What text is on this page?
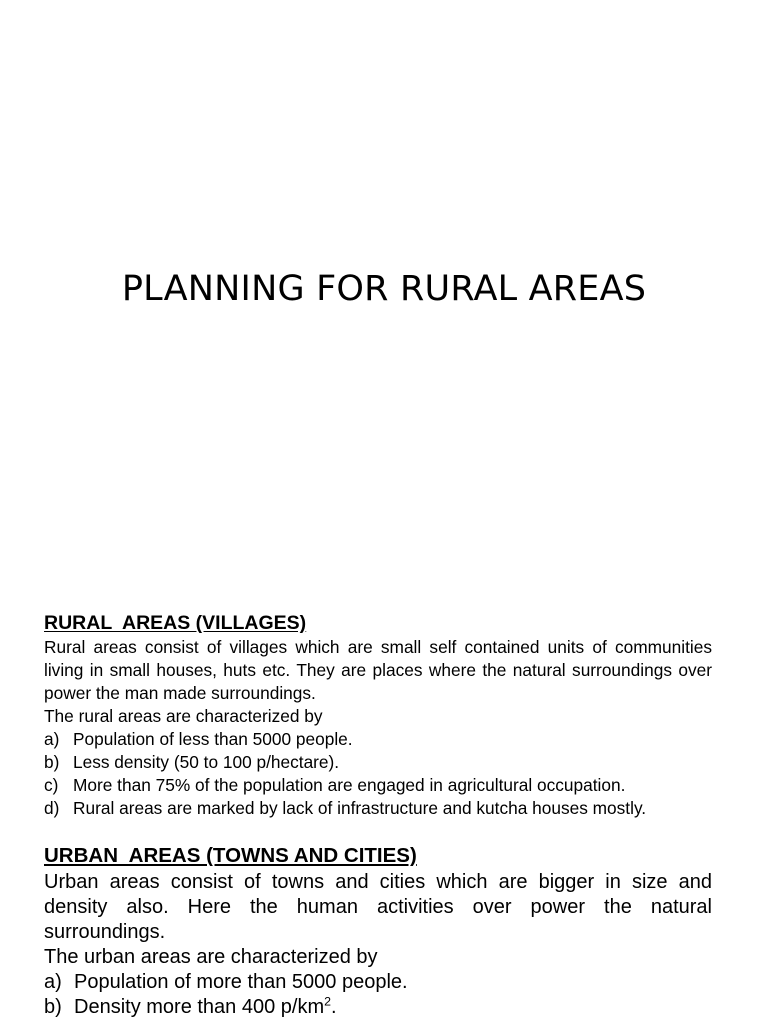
PLANNING FOR RURAL AREAS
RURAL  AREAS (VILLAGES)

Rural areas consist of villages which are small self contained units of communities living in small houses, huts etc. They are places where the natural surroundings over power the man made surroundings.

The rural areas are characterized by

a) Population of less than 5000 people.
b) Less density (50 to 100 p/hectare).
c) More than 75% of the population are engaged in agricultural occupation.
d) Rural areas are marked by lack of infrastructure and kutcha houses mostly.
URBAN  AREAS (TOWNS AND CITIES)

Urban areas consist of towns and cities which are bigger in size and density also. Here the human activities over power the natural surroundings.

The urban areas are characterized by

a) Population of more than 5000 people.
b) Density more than 400 $p/km^2$.
